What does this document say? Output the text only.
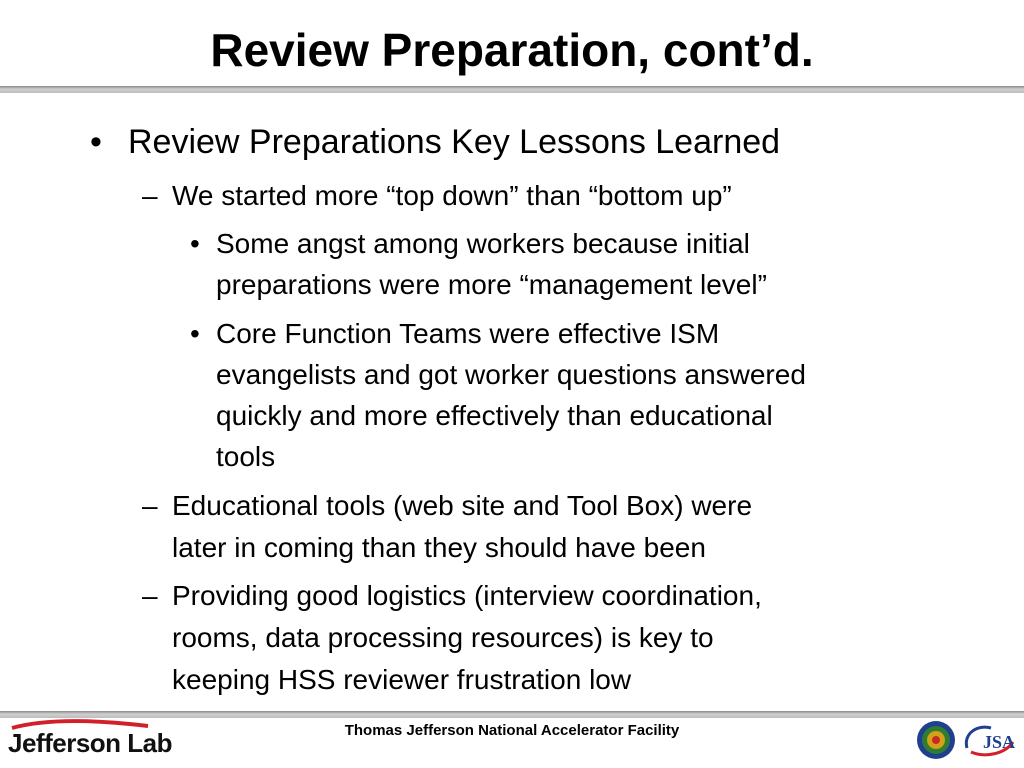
Review Preparation, cont’d.
• Review Preparations Key Lessons Learned
– We started more “top down” than “bottom up”
• Some angst among workers because initial
preparations were more “management level”
• Core Function Teams were effective ISM
evangelists and got worker questions answered
quickly and more effectively than educational
tools
– Educational tools (web site and Tool Box) were
later in coming than they should have been
– Providing good logistics (interview coordination,
rooms, data processing resources) is key to
keeping HSS reviewer frustration low
Jefferson Lab	Thomas Jefferson National Accelerator Facility
JSA
